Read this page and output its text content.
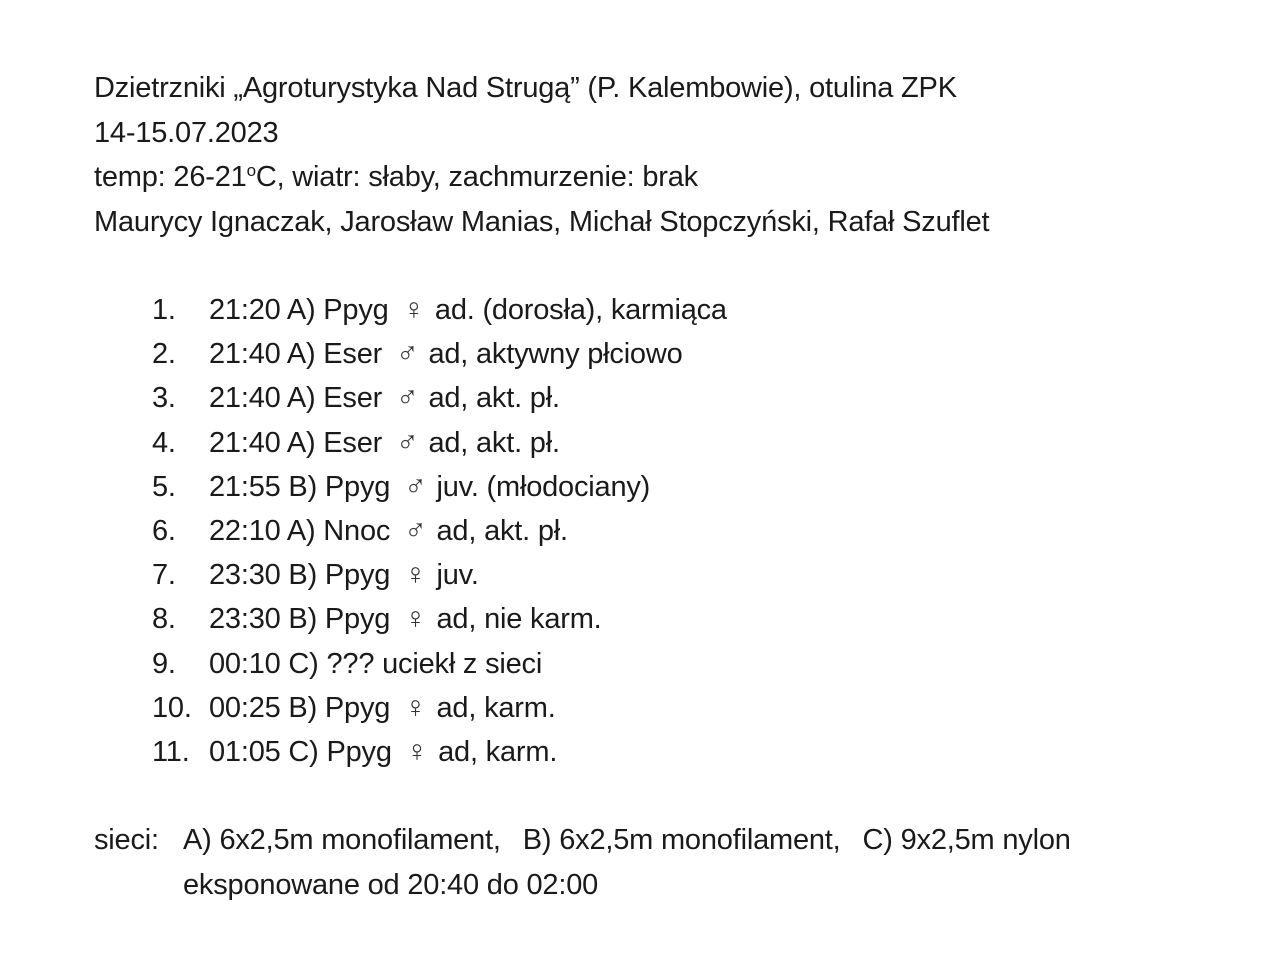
Dzietrzniki „Agroturystyka Nad Strugą” (P. Kalembowie), otulina ZPK
14-15.07.2023
temp: 26-21$^o$C, wiatr: słaby, zachmurzenie: brak
Maurycy Ignaczak, Jarosław Manias, Michał Stopczyński, Rafał Szuflet
1. 21:20 A) Ppyg ♀ ad. (dorosła), karmiąca
2. 21:40 A) Eser ♂ ad, aktywny płciowo
3. 21:40 A) Eser ♂ ad, akt. pł.
4. 21:40 A) Eser ♂ ad, akt. pł.
5. 21:55 B) Ppyg ♂ juv. (młodociany)
6. 22:10 A) Nnoc ♂ ad, akt. pł.
7. 23:30 B) Ppyg ♀ juv.
8. 23:30 B) Ppyg ♀ ad, nie karm.
9. 00:10 C) ??? uciekł z sieci
10. 00:25 B) Ppyg ♀ ad, karm.
11. 01:05 C) Ppyg ♀ ad, karm.
sieci: A) 6x2,5m monofilament, B) 6x2,5m monofilament, C) 9x2,5m nylon
eksponowane od 20:40 do 02:00
